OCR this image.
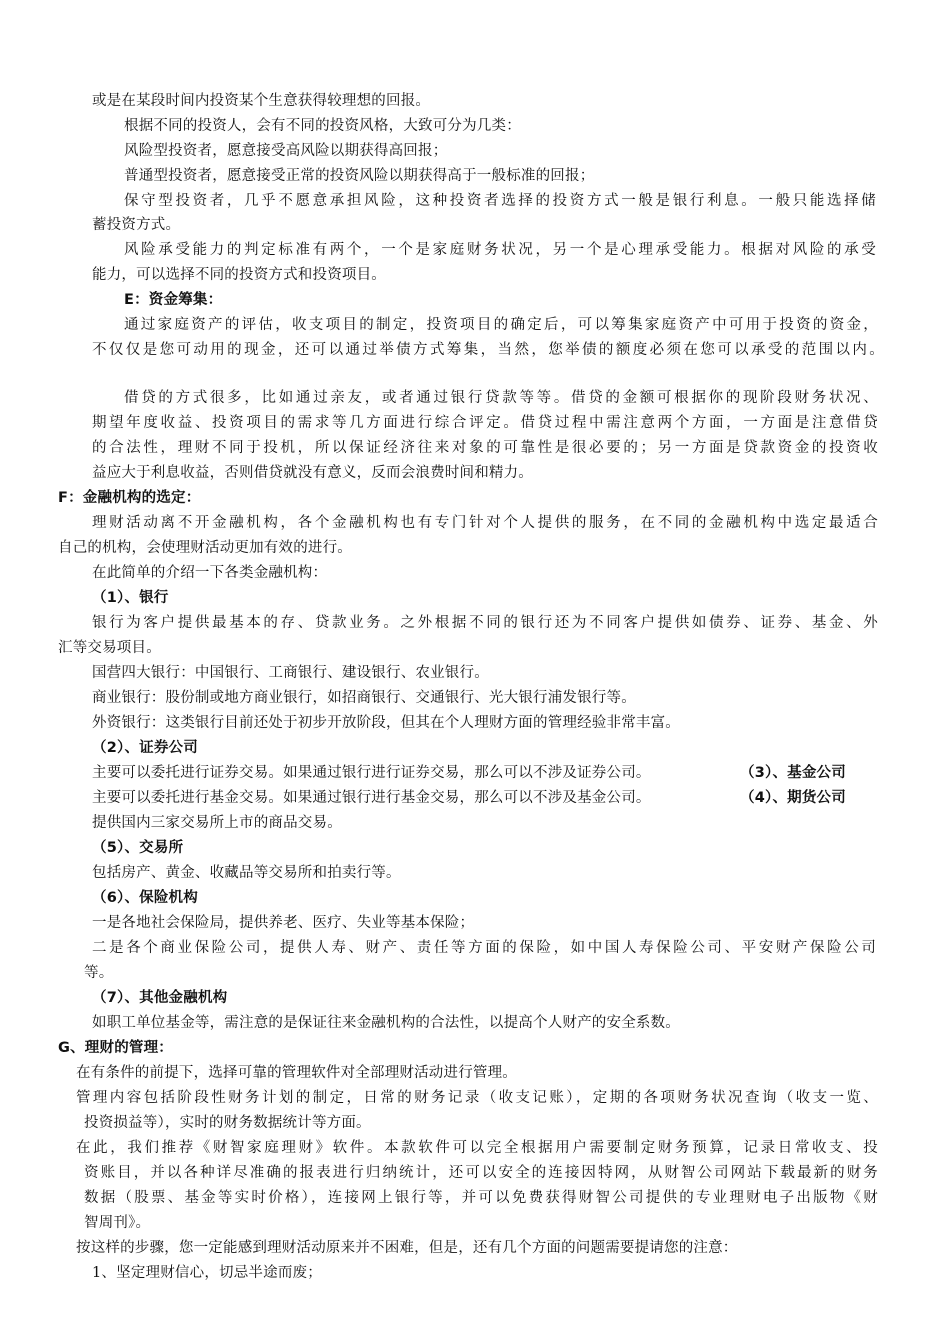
或是在某段时间内投资某个生意获得较理想的回报。
根据不同的投资人，会有不同的投资风格，大致可分为几类：
风险型投资者，愿意接受高风险以期获得高回报；
普通型投资者，愿意接受正常的投资风险以期获得高于一般标准的回报；
保守型投资者，几乎不愿意承担风险，这种投资者选择的投资方式一般是银行利息。一般只能选择储
蓄投资方式。
风险承受能力的判定标准有两个，一个是家庭财务状况，另一个是心理承受能力。根据对风险的承受
能力，可以选择不同的投资方式和投资项目。
E：资金筹集：
通过家庭资产的评估，收支项目的制定，投资项目的确定后，可以筹集家庭资产中可用于投资的资金，
不仅仅是您可动用的现金，还可以通过举债方式筹集，当然，您举债的额度必须在您可以承受的范围以内。
借贷的方式很多，比如通过亲友，或者通过银行贷款等等。借贷的金额可根据你的现阶段财务状况、
期望年度收益、投资项目的需求等几方面进行综合评定。借贷过程中需注意两个方面，一方面是注意借贷
的合法性，理财不同于投机，所以保证经济往来对象的可靠性是很必要的；另一方面是贷款资金的投资收
益应大于利息收益，否则借贷就没有意义，反而会浪费时间和精力。
F：金融机构的选定：
理财活动离不开金融机构，各个金融机构也有专门针对个人提供的服务，在不同的金融机构中选定最适合
自己的机构，会使理财活动更加有效的进行。
在此简单的介绍一下各类金融机构：
（1）、银行
银行为客户提供最基本的存、贷款业务。之外根据不同的银行还为不同客户提供如债券、证券、基金、外
汇等交易项目。
国营四大银行：中国银行、工商银行、建设银行、农业银行。
商业银行：股份制或地方商业银行，如招商银行、交通银行、光大银行浦发银行等。
外资银行：这类银行目前还处于初步开放阶段，但其在个人理财方面的管理经验非常丰富。
（2）、证券公司
主要可以委托进行证券交易。如果通过银行进行证券交易，那么可以不涉及证券公司。	（3）、基金公司
主要可以委托进行基金交易。如果通过银行进行基金交易，那么可以不涉及基金公司。	（4）、期货公司
提供国内三家交易所上市的商品交易。
（5）、交易所
包括房产、黄金、收藏品等交易所和拍卖行等。
（6）、保险机构
一是各地社会保险局，提供养老、医疗、失业等基本保险；
二是各个商业保险公司，提供人寿、财产、责任等方面的保险，如中国人寿保险公司、平安财产保险公司
等。
（7）、其他金融机构
如职工单位基金等，需注意的是保证往来金融机构的合法性，以提高个人财产的安全系数。
G、理财的管理：
在有条件的前提下，选择可靠的管理软件对全部理财活动进行管理。
管理内容包括阶段性财务计划的制定，日常的财务记录（收支记账），定期的各项财务状况查询（收支一览、
投资损益等），实时的财务数据统计等方面。
在此，我们推荐《财智家庭理财》软件。本款软件可以完全根据用户需要制定财务预算，记录日常收支、投
资账目，并以各种详尽准确的报表进行归纳统计，还可以安全的连接因特网，从财智公司网站下载最新的财务
数据（股票、基金等实时价格），连接网上银行等，并可以免费获得财智公司提供的专业理财电子出版物《财
智周刊》。
按这样的步骤，您一定能感到理财活动原来并不困难，但是，还有几个方面的问题需要提请您的注意：
1、坚定理财信心，切忌半途而废；
